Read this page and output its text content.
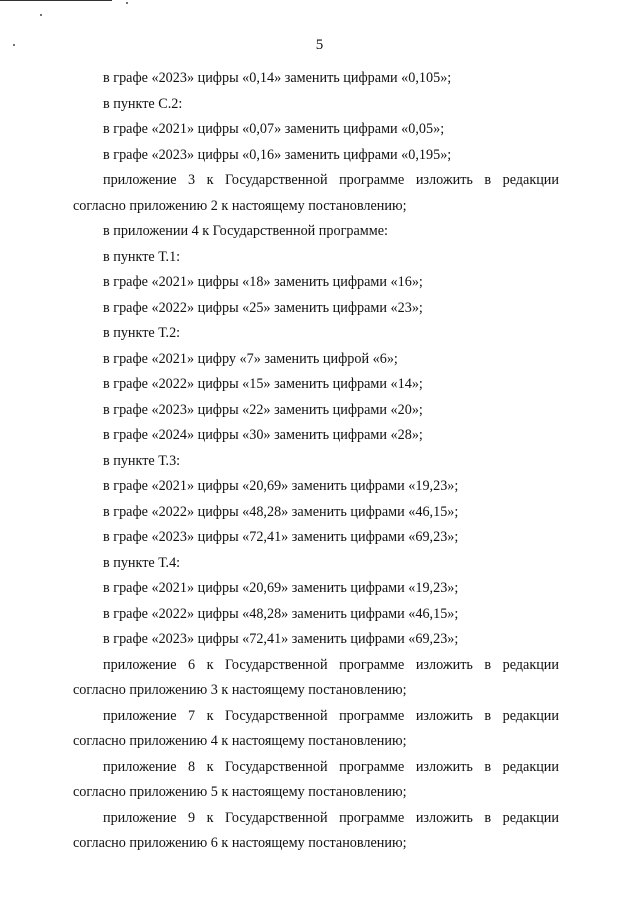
5

в графе «2023» цифры «0,14» заменить цифрами «0,105»;

в пункте С.2:

в графе «2021» цифры «0,07» заменить цифрами «0,05»;

в графе «2023» цифры «0,16» заменить цифрами «0,195»;

приложение 3 к Государственной программе изложить в редакции согласно приложению 2 к настоящему постановлению;

в приложении 4 к Государственной программе:

в пункте Т.1:

в графе «2021» цифры «18» заменить цифрами «16»;

в графе «2022» цифры «25» заменить цифрами «23»;

в пункте Т.2:

в графе «2021» цифру «7» заменить цифрой «6»;

в графе «2022» цифры «15» заменить цифрами «14»;

в графе «2023» цифры «22» заменить цифрами «20»;

в графе «2024» цифры «30» заменить цифрами «28»;

в пункте Т.3:

в графе «2021» цифры «20,69» заменить цифрами «19,23»;

в графе «2022» цифры «48,28» заменить цифрами «46,15»;

в графе «2023» цифры «72,41» заменить цифрами «69,23»;

в пункте Т.4:

в графе «2021» цифры «20,69» заменить цифрами «19,23»;

в графе «2022» цифры «48,28» заменить цифрами «46,15»;

в графе «2023» цифры «72,41» заменить цифрами «69,23»;

приложение 6 к Государственной программе изложить в редакции согласно приложению 3 к настоящему постановлению;

приложение 7 к Государственной программе изложить в редакции согласно приложению 4 к настоящему постановлению;

приложение 8 к Государственной программе изложить в редакции согласно приложению 5 к настоящему постановлению;

приложение 9 к Государственной программе изложить в редакции согласно приложению 6 к настоящему постановлению;
